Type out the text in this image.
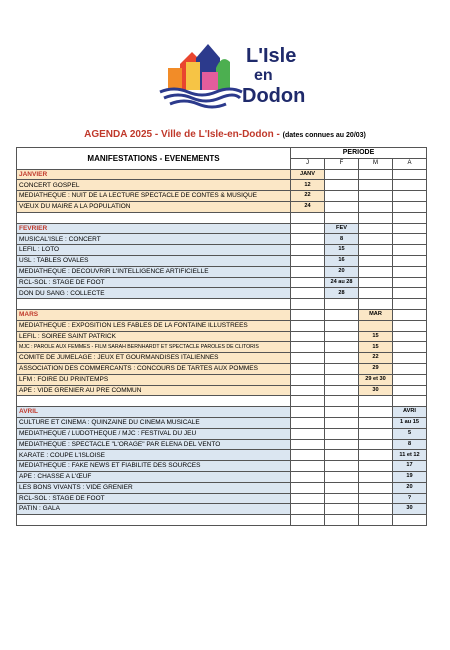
L'Isle
en
Dodon
AGENDA 2025 - Ville de L'Isle-en-Dodon - (dates connues au 20/03)
MANIFESTATIONS - EVENEMENTS	PERIODE			
	J	F	M	A
JANVIER	JANV			
CONCERT GOSPEL	12			
MEDIATHEQUE : NUIT DE LA LECTURE SPECTACLE DE CONTES & MUSIQUE	22			
VŒUX DU MAIRE A LA POPULATION	24			

FEVRIER		FEV		
MUSICAL'ISLE : CONCERT		8		
LEFIL : LOTO		15		
USL : TABLES OVALES		16		
MEDIATHEQUE : DECOUVRIR L'INTELLIGENCE ARTIFICIELLE		20		
RCL-SOL : STAGE DE FOOT		24 au 28		
DON DU SANG : COLLECTE		28		

MARS			MAR	
MEDIATHEQUE : EXPOSITION LES FABLES DE LA FONTAINE ILLUSTREES				
LEFIL : SOIREE SAINT PATRICK			15	
MJC : PAROLE AUX FEMMES - FILM SARAH BERNHARDT ET SPECTACLE PAROLES DE CLITORIS			15	
COMITE DE JUMELAGE : JEUX ET GOURMANDISES ITALIENNES			22	
ASSOCIATION DES COMMERCANTS : CONCOURS DE TARTES AUX POMMES			29	
LFM : FOIRE DU PRINTEMPS			29 et 30	
APE : VIDE GRENIER AU PRE COMMUN			30	

AVRIL				AVRI
CULTURE ET CINEMA : QUINZAINE DU CINEMA MUSICALE				1 au 15
MEDIATHEQUE / LUDOTHEQUE / MJC : FESTIVAL DU JEU				5
MEDIATHEQUE : SPECTACLE "L'ORAGE" PAR ELENA DEL VENTO				8
KARATE : COUPE L'ISLOISE				11 et 12
MEDIATHEQUE : FAKE NEWS ET FIABILITE DES SOURCES				17
APE : CHASSE A L'ŒUF				19
LES BONS VIVANTS : VIDE GRENIER				20
RCL-SOL : STAGE DE FOOT				?
PATIN : GALA				30
